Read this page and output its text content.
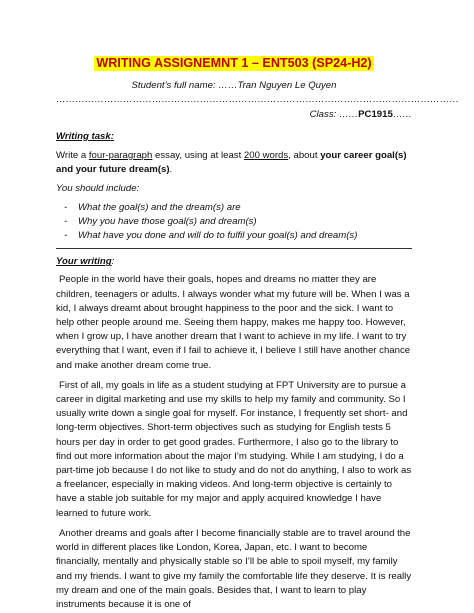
WRITING ASSIGNEMNT 1 – ENT503 (SP24-H2)
Student’s full name: ……Tran Nguyen Le Quyen
………………………………………………………………………………………………………………Class: ……PC1915……
Writing task:
Write a four-paragraph essay, using at least 200 words, about your career goal(s) and your future dream(s).
You should include:
-	What the goal(s) and the dream(s) are
-	Why you have those goal(s) and dream(s)
-	What have you done and will do to fulfil your goal(s) and dream(s)
Your writing:

People in the world have their goals, hopes and dreams no matter they are children, teenagers or adults. I always wonder what my future will be. When I was a kid, I always dreamt about brought happiness to the poor and the sick. I want to help other people around me. Seeing them happy, makes me happy too. However, when I grow up, I have another dream that I want to achieve in my life. I want to try everything that I want, even if I fail to achieve it, I believe I still have another chance and make another dream come true.

First of all, my goals in life as a student studying at FPT University are to pursue a career in digital marketing and use my skills to help my family and community. So I usually write down a single goal for myself. For instance, I frequently set short- and long-term objectives. Short-term objectives such as studying for English tests 5 hours per day in order to get good grades. Furthermore, I also go to the library to find out more information about the major I’m studying. While I am studying, I do a part-time job because I do not like to study and do not do anything, I also to work as a freelancer, especially in making videos. And long-term objective is certainly to have a stable job suitable for my major and apply acquired knowledge I have learned to future work.

Another dreams and goals after I become financially stable are to travel around the world in different places like London, Korea, Japan, etc. I want to become financially, mentally and physically stable so I’ll be able to spoil myself, my family and my friends. I want to give my family the comfortable life they deserve. It is really my dream and one of the main goals. Besides that, I want to learn to play instruments because it is one of
